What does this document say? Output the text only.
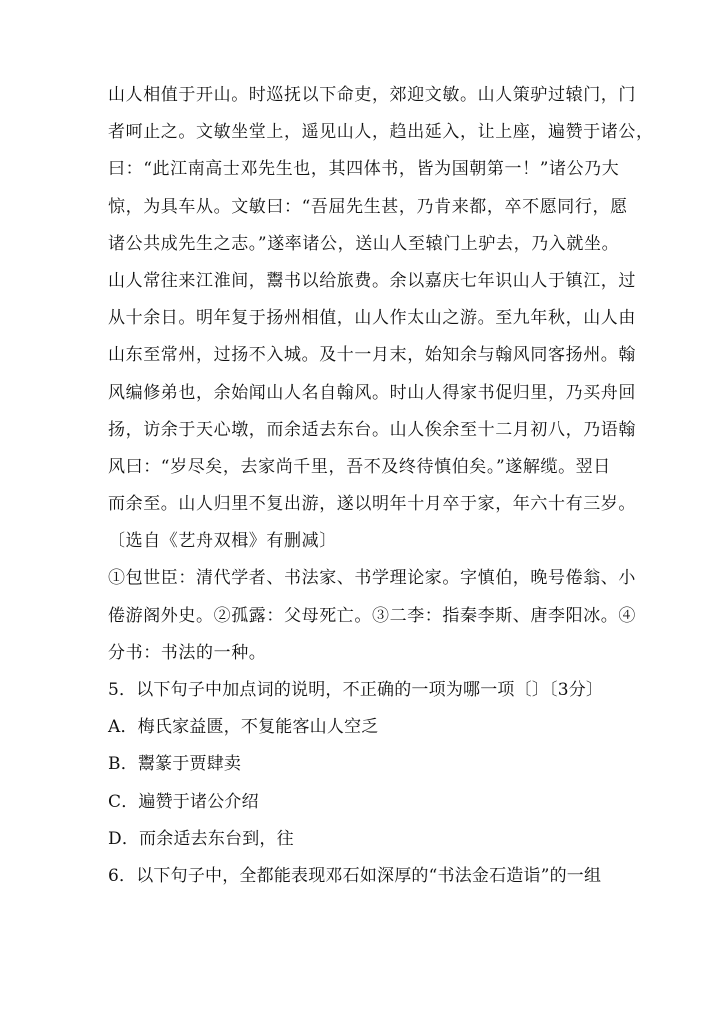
山人相值于开山。时巡抚以下命吏，郊迎文敏。山人策驴过辕门，门
者呵止之。文敏坐堂上，遥见山人，趋出延入，让上座，遍赞于诸公，
曰：“此江南高士邓先生也，其四体书，皆为国朝第一！”诸公乃大
惊，为具车从。文敏曰：“吾屈先生甚，乃肯来都，卒不愿同行，愿
诸公共成先生之志。”遂率诸公，送山人至辕门上驴去，乃入就坐。
山人常往来江淮间，鬻书以给旅费。余以嘉庆七年识山人于镇江，过
从十余日。明年复于扬州相值，山人作太山之游。至九年秋，山人由
山东至常州，过扬不入城。及十一月末，始知余与翰风同客扬州。翰
风编修弟也，余始闻山人名自翰风。时山人得家书促归里，乃买舟回
扬，访余于天心墩，而余适去东台。山人俟余至十二月初八，乃语翰
风曰：“岁尽矣，去家尚千里，吾不及终待慎伯矣。”遂解缆。翌日
而余至。山人归里不复出游，遂以明年十月卒于家，年六十有三岁。
〔选自《艺舟双楫》有删减〕
①包世臣：清代学者、书法家、书学理论家。字慎伯，晚号倦翁、小
倦游阁外史。②孤露：父母死亡。③二李：指秦李斯、唐李阳冰。④
分书：书法的一种。
5．以下句子中加点词的说明，不正确的一项为哪一项〔〕〔3分〕
A．梅氏家益匮，不复能客山人空乏
B．鬻篆于贾肆卖
C．遍赞于诸公介绍
D．而余适去东台到，往
6．以下句子中，全都能表现邓石如深厚的“书法金石造诣”的一组
